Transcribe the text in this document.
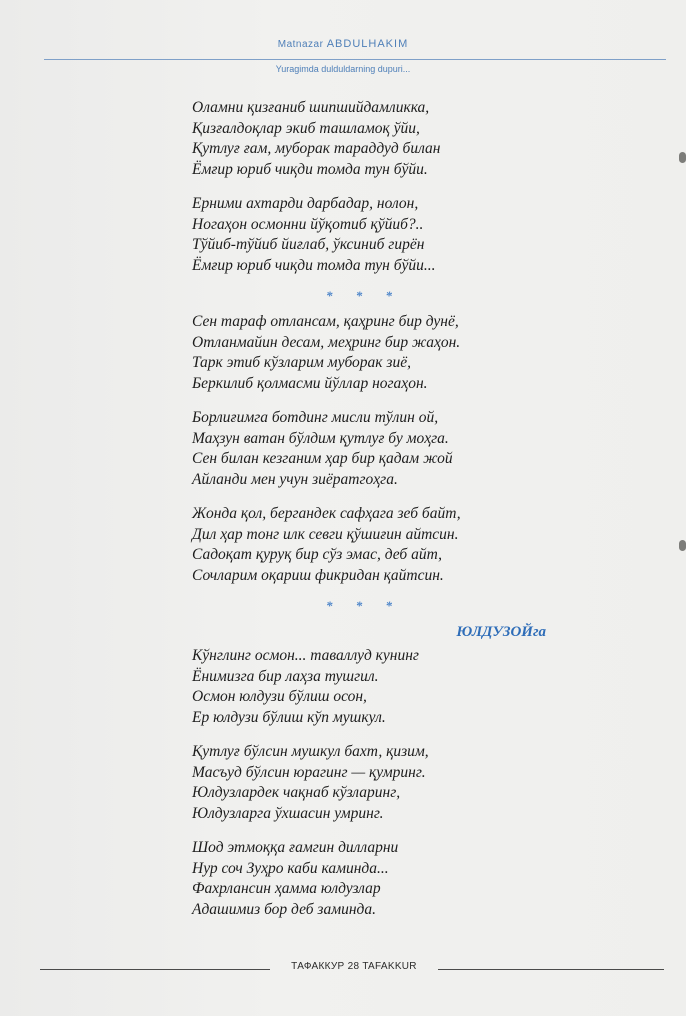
Matnazar ABDULHAKIM
Yuragimda dulduldarning dupuri...
Оламни қизғаниб шипшийдамликка,
Қизғалдоқлар экиб ташламоқ ўйи,
Қутлуғ ғам, муборак тараддуд билан
Ёмғир юриб чиқди томда тун бўйи.
Ерними ахтарди дарбадар, нолон,
Ногаҳон осмонни йўқотиб қўйиб?..
Тўйиб-тўйиб йиғлаб, ўксиниб гирён
Ёмғир юриб чиқди томда тун бўйи...
* * *
Сен тараф отлансам, қаҳринг бир дунё,
Отланмайин десам, меҳринг бир жаҳон.
Тарк этиб кўзларим муборак зиё,
Беркилиб қолмасми йўллар ногаҳон.
Борлиғимга ботдинг мисли тўлин ой,
Маҳзун ватан бўлдим қутлуғ бу моҳга.
Сен билан кезганим ҳар бир қадам жой
Айланди мен учун зиёратгоҳга.
Жонда қол, бергандек сафҳага зеб байт,
Дил ҳар тонг илк севги қўшиғин айтсин.
Садоқат қуруқ бир сўз эмас, деб айт,
Сочларим оқариш фикридан қайтсин.
* * *
ЮЛДУЗОЙга
Кўнглинг осмон... таваллуд кунинг
Ёнимизга бир лаҳза тушгил.
Осмон юлдузи бўлиш осон,
Ер юлдузи бўлиш кўп мушкул.
Қутлуғ бўлсин мушкул бахт, қизим,
Масъуд бўлсин юрагинг — қумринг.
Юлдузлардек чақнаб кўзларинг,
Юлдузларга ўхшасин умринг.
Шод этмоққа ғамгин дилларни
Нур соч Зуҳро каби каминда...
Фахрлансин ҳамма юлдузлар
Адашимиз бор деб заминда.
ТАФАККУР 28 TAFAKKUR
